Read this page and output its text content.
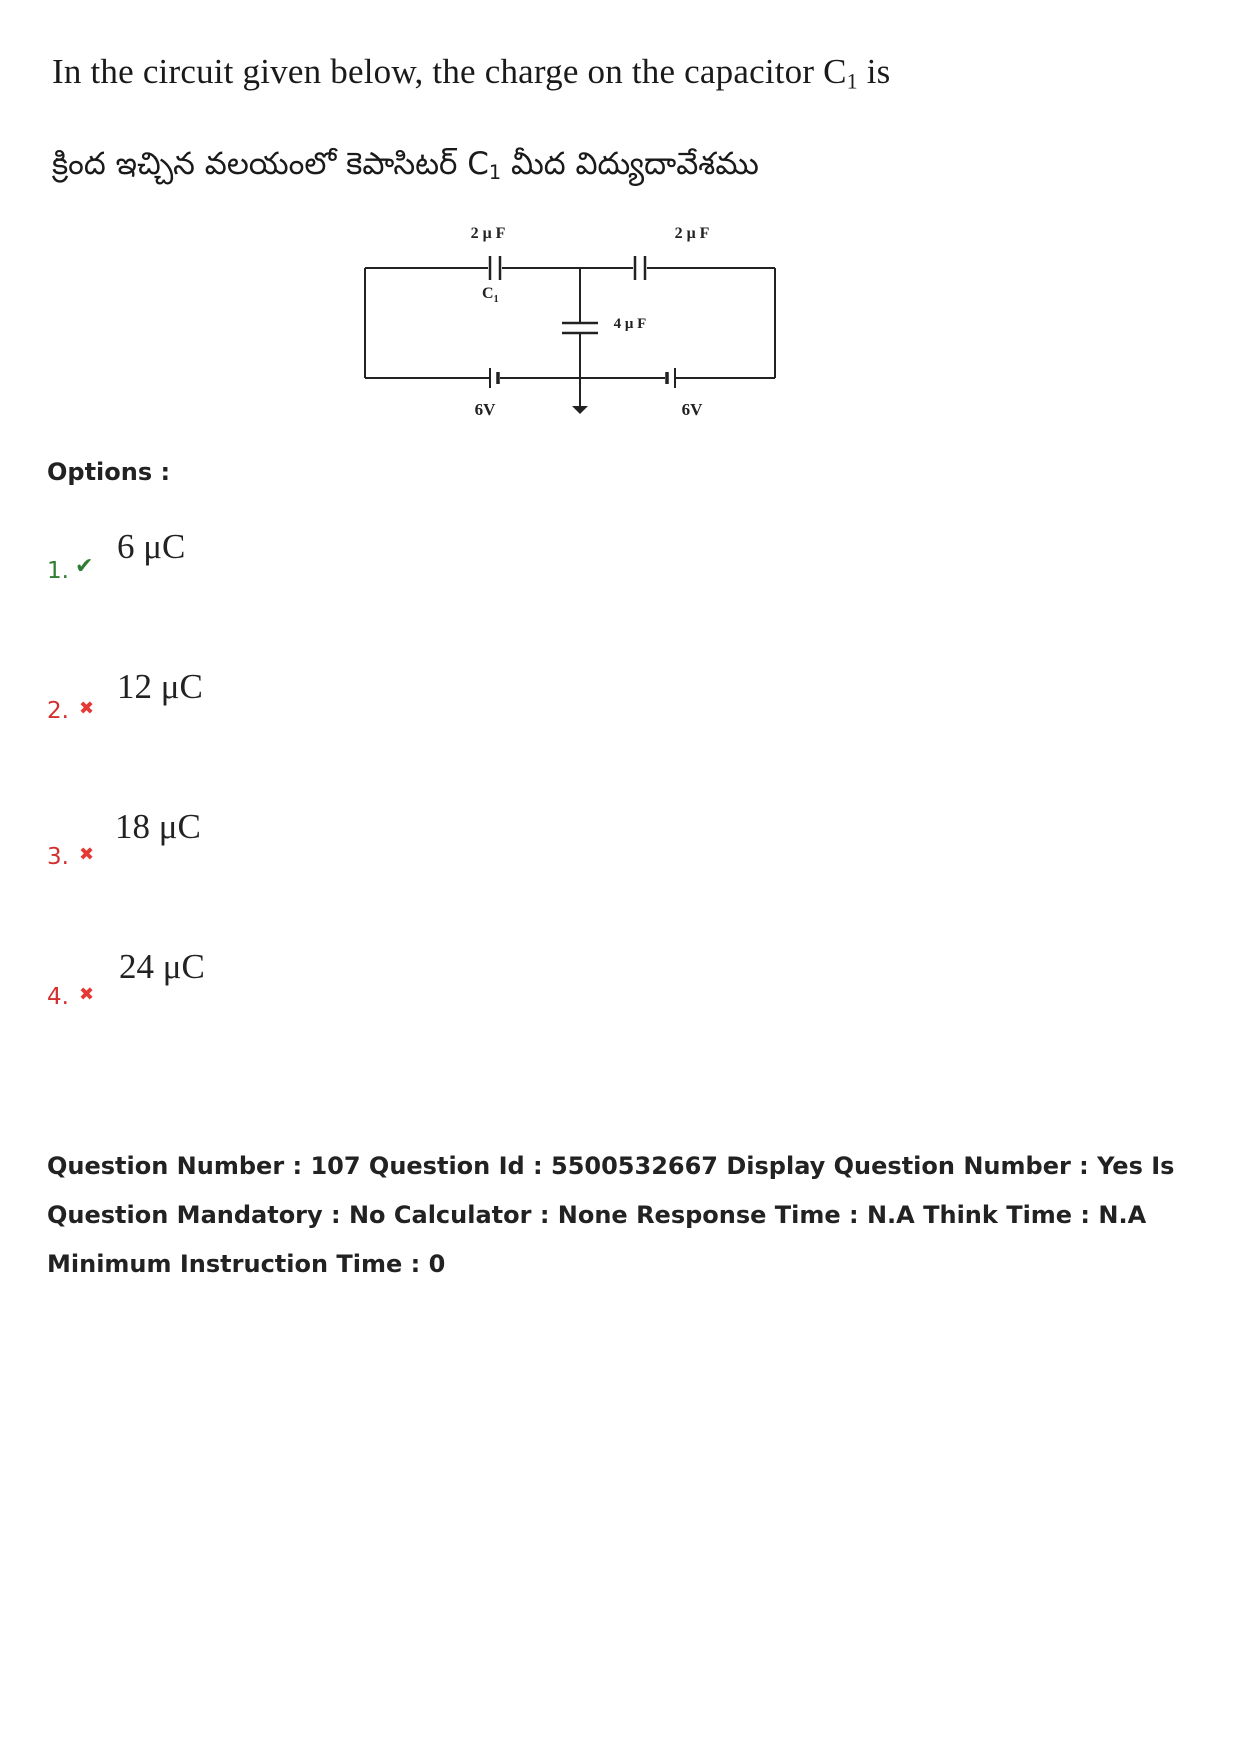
In the circuit given below, the charge on the capacitor $C_1$ is
క్రింద ఇచ్చిన వలయంలో కెపాసిటర్ $C_1$ మీద విద్యుదావేశము
2 μ F	2 μ F
$C_1$
4 μ F
6V	6V
Options :
1. ✔
6 μC
2. ✖
12 μC
3. ✖
18 μC
4. ✖
24 μC
Question Number : 107 Question Id : 5500532667 Display Question Number : Yes Is Question Mandatory : No Calculator : None Response Time : N.A Think Time : N.A Minimum Instruction Time : 0
